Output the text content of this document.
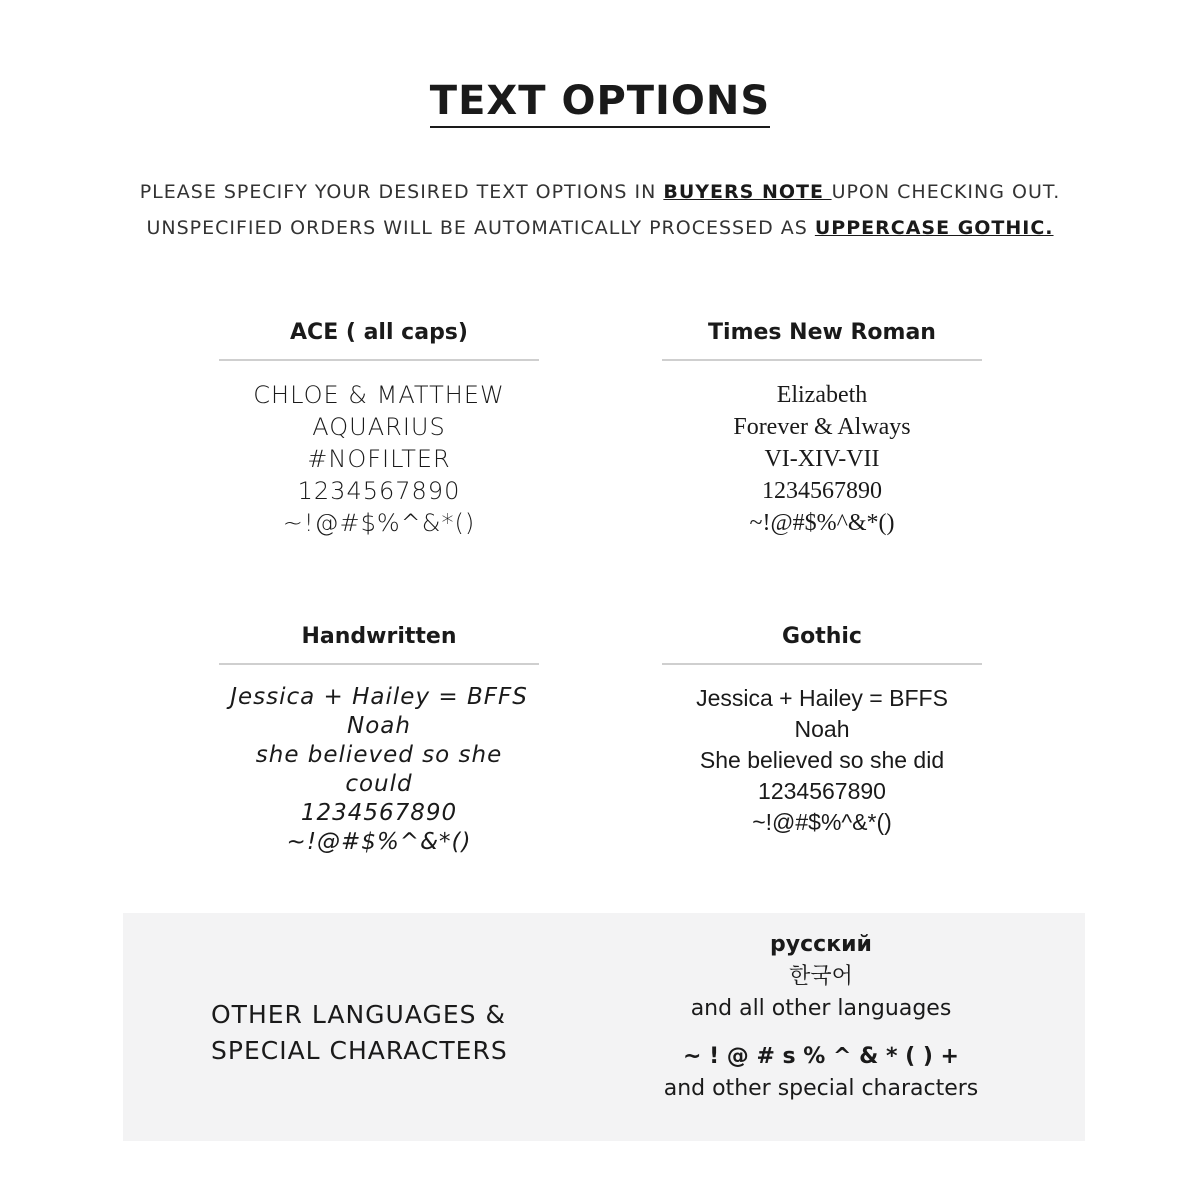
TEXT OPTIONS
PLEASE SPECIFY YOUR DESIRED TEXT OPTIONS IN BUYERS NOTE UPON CHECKING OUT.
UNSPECIFIED ORDERS WILL BE AUTOMATICALLY PROCESSED AS UPPERCASE GOTHIC.
ACE ( all caps)
CHLOE & MATTHEW
AQUARIUS
#NOFILTER
1234567890
~!@#$%^&*()
Times New Roman
Elizabeth
Forever & Always
VI-XIV-VII
1234567890
~!@#$%^&*()
Handwritten
Jessica + Hailey = BFFS
Noah
she believed so she could
1234567890
~!@#$%^&*()
Gothic
Jessica + Hailey = BFFS
Noah
She believed so she did
1234567890
~!@#$%^&*()
OTHER LANGUAGES &
SPECIAL CHARACTERS
русский
한국어
and all other languages
~ ! @ # s % ^ & * ( ) +
and other special characters
